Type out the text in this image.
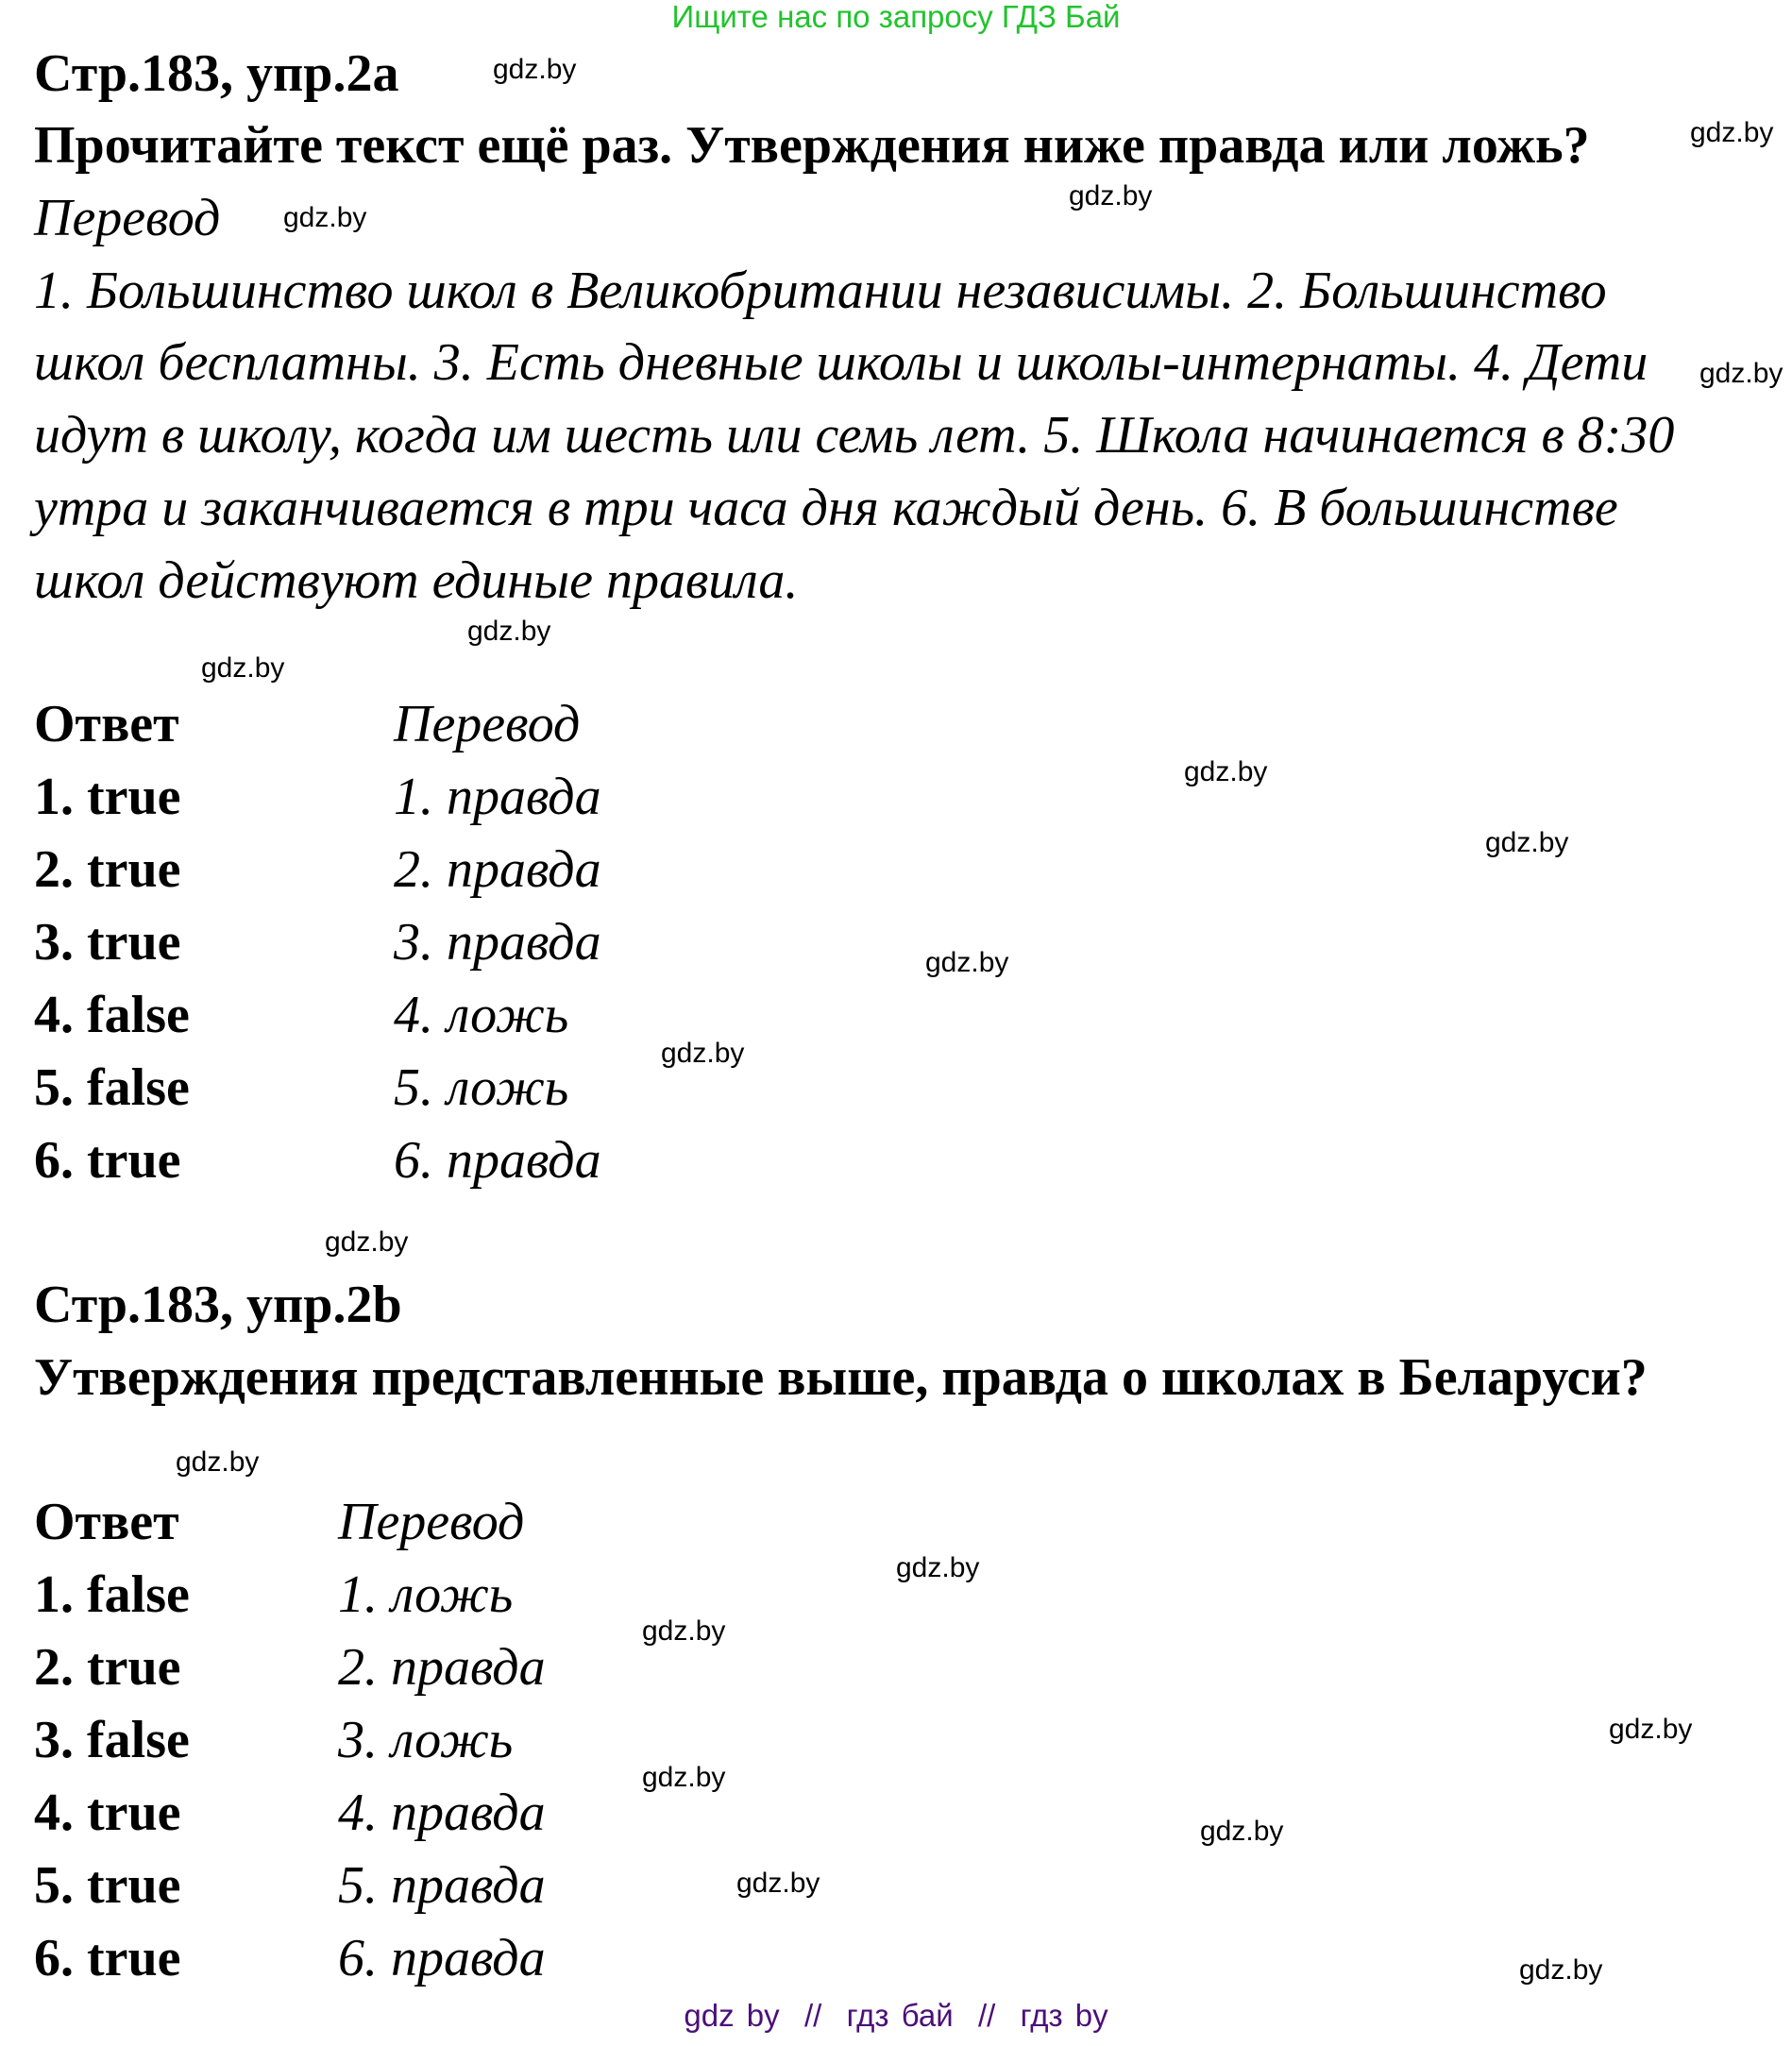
Ищите нас по запросу ГДЗ Бай
Стр.183, упр.2а
Прочитайте текст ещё раз. Утверждения ниже правда или ложь?
Перевод
1. Большинство школ в Великобритании независимы. 2. Большинство
школ бесплатны. 3. Есть дневные школы и школы-интернаты. 4. Дети
идут в школу, когда им шесть или семь лет. 5. Школа начинается в 8:30
утра и заканчивается в три часа дня каждый день. 6. В большинстве
школ действуют единые правила.
Ответ	Перевод
1. true
2. true
3. true
4. false
5. false
6. true
1. правда
2. правда
3. правда
4. ложь
5. ложь
6. правда
Стр.183, упр.2b
Утверждения представленные выше, правда о школах в Беларуси?
Ответ	Перевод
1. false
2. true
3. false
4. true
5. true
6. true
1. ложь
2. правда
3. ложь
4. правда
5. правда
6. правда
gdz.by
gdz.by
gdz.by
gdz.by
gdz.by
gdz.by
gdz.by
gdz.by
gdz.by
gdz.by
gdz.by
gdz.by
gdz.by
gdz.by
gdz.by
gdz.by
gdz.by
gdz.by
gdz.by
gdz.by
gdz by  //  гдз бай  //  гдз by
